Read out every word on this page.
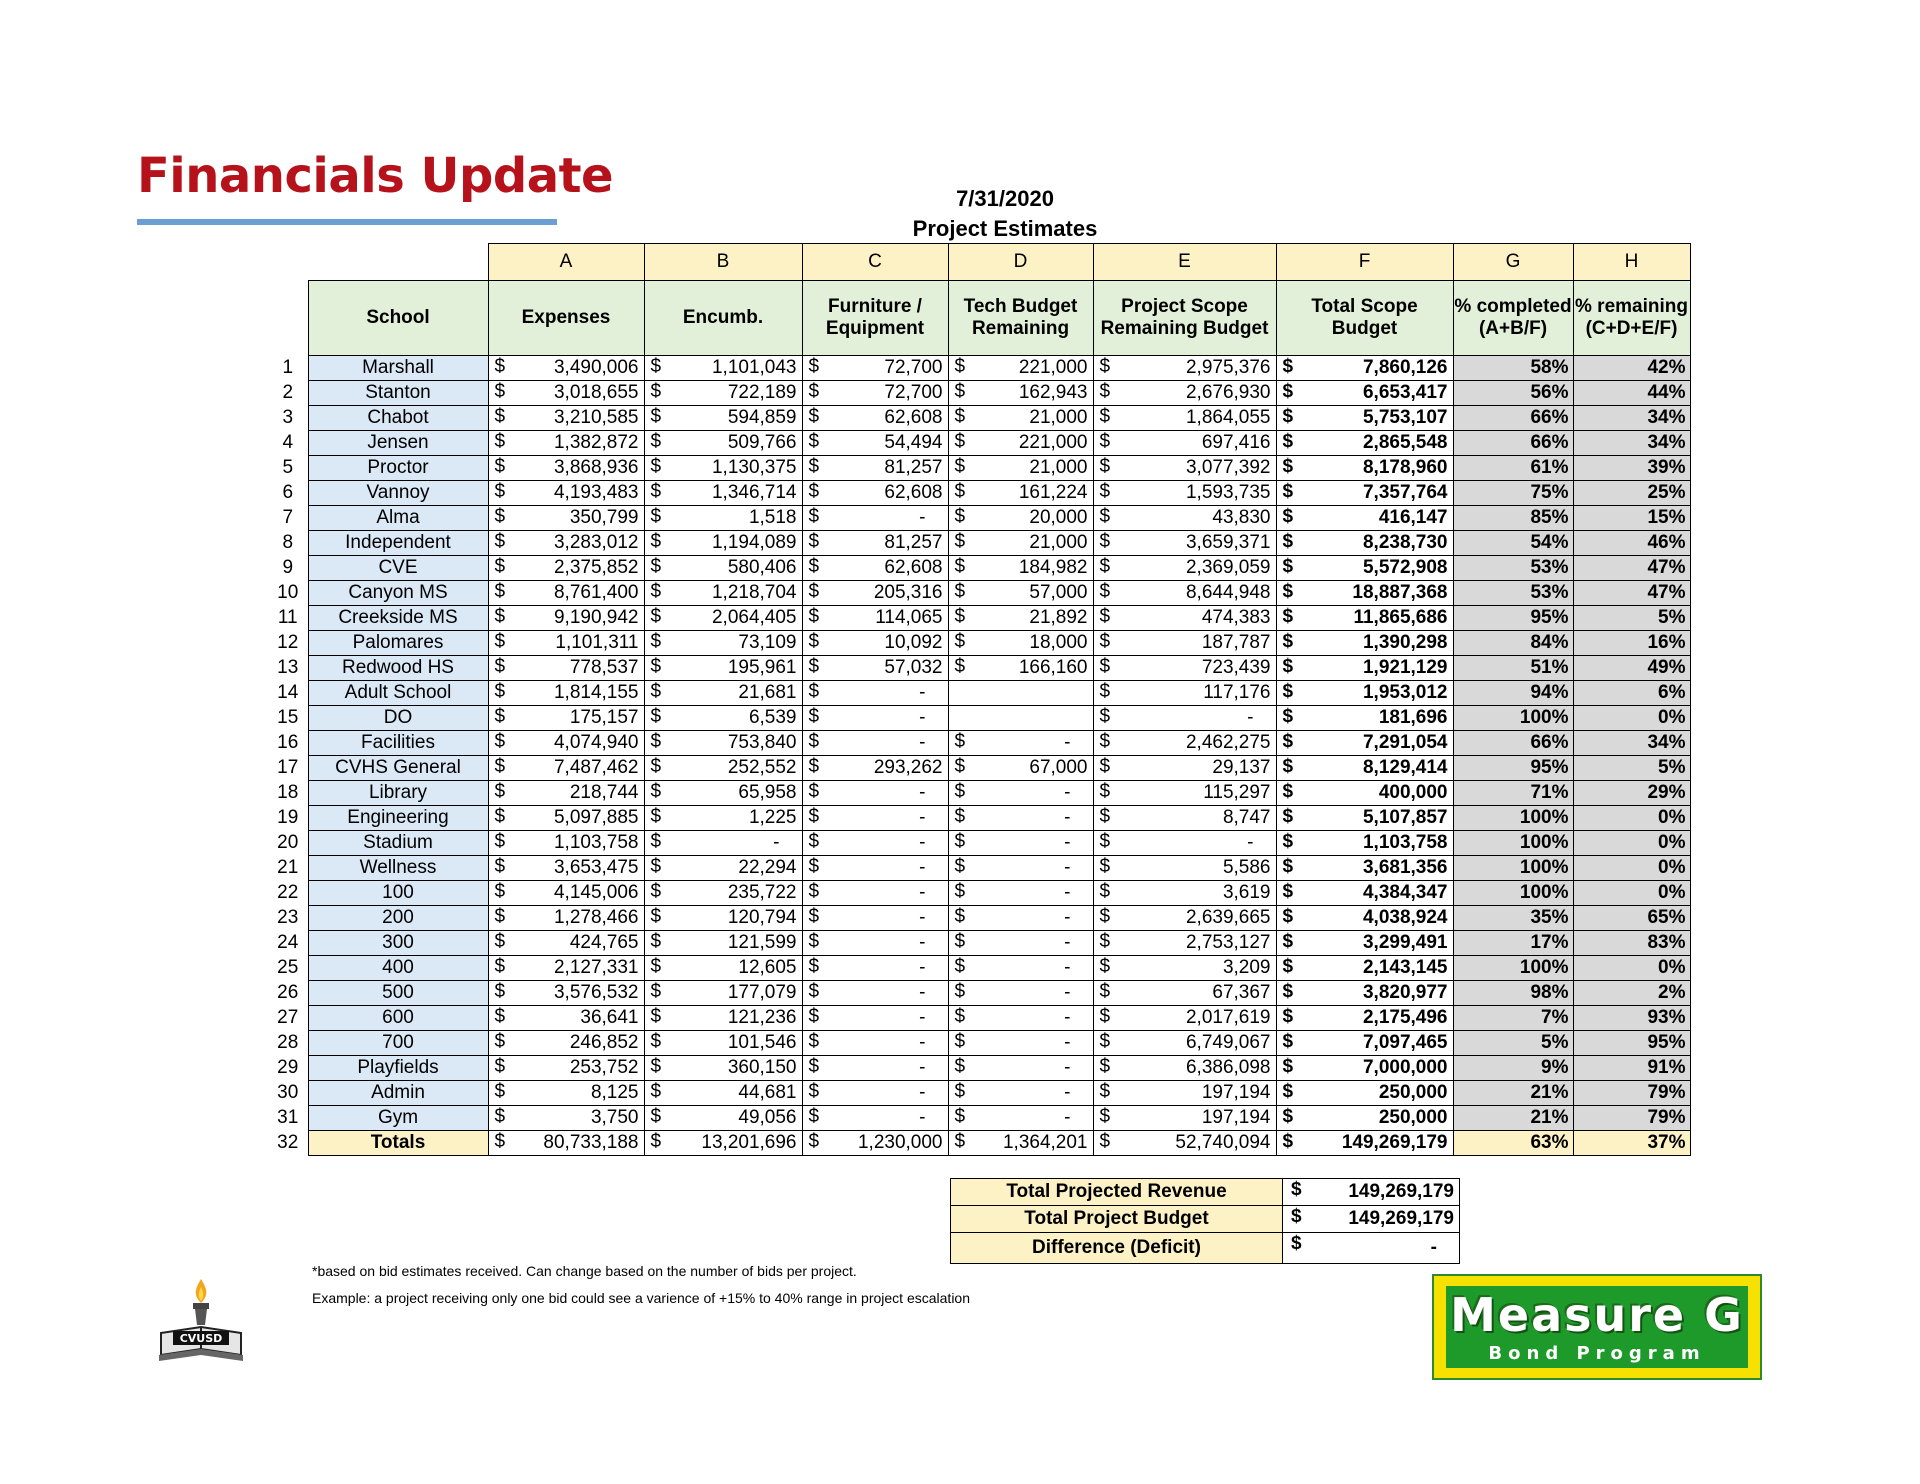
Financials Update	7/31/2020
Project Estimates
		A	B	C	D	E	F	G	H
	School	Expenses	Encumb.	Furniture / Equipment	Tech Budget Remaining	Project Scope Remaining Budget	Total Scope Budget	% completed (A+B/F)	% remaining (C+D+E/F)
1	Marshall	$ 3,490,006	$ 1,101,043	$ 72,700	$ 221,000	$ 2,975,376	$ 7,860,126	58%	42%
2	Stanton	$ 3,018,655	$ 722,189	$ 72,700	$ 162,943	$ 2,676,930	$ 6,653,417	56%	44%
3	Chabot	$ 3,210,585	$ 594,859	$ 62,608	$ 21,000	$ 1,864,055	$ 5,753,107	66%	34%
4	Jensen	$ 1,382,872	$ 509,766	$ 54,494	$ 221,000	$ 697,416	$ 2,865,548	66%	34%
5	Proctor	$ 3,868,936	$ 1,130,375	$ 81,257	$ 21,000	$ 3,077,392	$ 8,178,960	61%	39%
6	Vannoy	$ 4,193,483	$ 1,346,714	$ 62,608	$ 161,224	$ 1,593,735	$ 7,357,764	75%	25%
7	Alma	$ 350,799	$ 1,518	$ -	$ 20,000	$ 43,830	$ 416,147	85%	15%
8	Independent	$ 3,283,012	$ 1,194,089	$ 81,257	$ 21,000	$ 3,659,371	$ 8,238,730	54%	46%
9	CVE	$ 2,375,852	$ 580,406	$ 62,608	$ 184,982	$ 2,369,059	$ 5,572,908	53%	47%
10	Canyon MS	$ 8,761,400	$ 1,218,704	$ 205,316	$ 57,000	$ 8,644,948	$ 18,887,368	53%	47%
11	Creekside MS	$ 9,190,942	$ 2,064,405	$ 114,065	$ 21,892	$ 474,383	$ 11,865,686	95%	5%
12	Palomares	$ 1,101,311	$ 73,109	$ 10,092	$ 18,000	$ 187,787	$ 1,390,298	84%	16%
13	Redwood HS	$ 778,537	$ 195,961	$ 57,032	$ 166,160	$ 723,439	$ 1,921,129	51%	49%
14	Adult School	$ 1,814,155	$ 21,681	$ -		$ 117,176	$ 1,953,012	94%	6%
15	DO	$ 175,157	$ 6,539	$ -		$ -	$ 181,696	100%	0%
16	Facilities	$ 4,074,940	$ 753,840	$ -	$ -	$ 2,462,275	$ 7,291,054	66%	34%
17	CVHS General	$ 7,487,462	$ 252,552	$ 293,262	$ 67,000	$ 29,137	$ 8,129,414	95%	5%
18	Library	$ 218,744	$ 65,958	$ -	$ -	$ 115,297	$ 400,000	71%	29%
19	Engineering	$ 5,097,885	$ 1,225	$ -	$ -	$ 8,747	$ 5,107,857	100%	0%
20	Stadium	$ 1,103,758	$ -	$ -	$ -	$ -	$ 1,103,758	100%	0%
21	Wellness	$ 3,653,475	$ 22,294	$ -	$ -	$ 5,586	$ 3,681,356	100%	0%
22	100	$ 4,145,006	$ 235,722	$ -	$ -	$ 3,619	$ 4,384,347	100%	0%
23	200	$ 1,278,466	$ 120,794	$ -	$ -	$ 2,639,665	$ 4,038,924	35%	65%
24	300	$ 424,765	$ 121,599	$ -	$ -	$ 2,753,127	$ 3,299,491	17%	83%
25	400	$ 2,127,331	$ 12,605	$ -	$ -	$ 3,209	$ 2,143,145	100%	0%
26	500	$ 3,576,532	$ 177,079	$ -	$ -	$ 67,367	$ 3,820,977	98%	2%
27	600	$ 36,641	$ 121,236	$ -	$ -	$ 2,017,619	$ 2,175,496	7%	93%
28	700	$ 246,852	$ 101,546	$ -	$ -	$ 6,749,067	$ 7,097,465	5%	95%
29	Playfields	$ 253,752	$ 360,150	$ -	$ -	$ 6,386,098	$ 7,000,000	9%	91%
30	Admin	$ 8,125	$ 44,681	$ -	$ -	$ 197,194	$ 250,000	21%	79%
31	Gym	$ 3,750	$ 49,056	$ -	$ -	$ 197,194	$ 250,000	21%	79%
32	Totals	$ 80,733,188	$ 13,201,696	$ 1,230,000	$ 1,364,201	$ 52,740,094	$ 149,269,179	63%	37%
Total Projected Revenue	$ 149,269,179

Total Project Budget	$ 149,269,179

Difference (Deficit)	$ -
*based on bid estimates received. Can change based on the number of bids per project.
Example: a project receiving only one bid could see a varience of +15% to 40% range in project escalation
CVUSD	Measure G
Bond Program
